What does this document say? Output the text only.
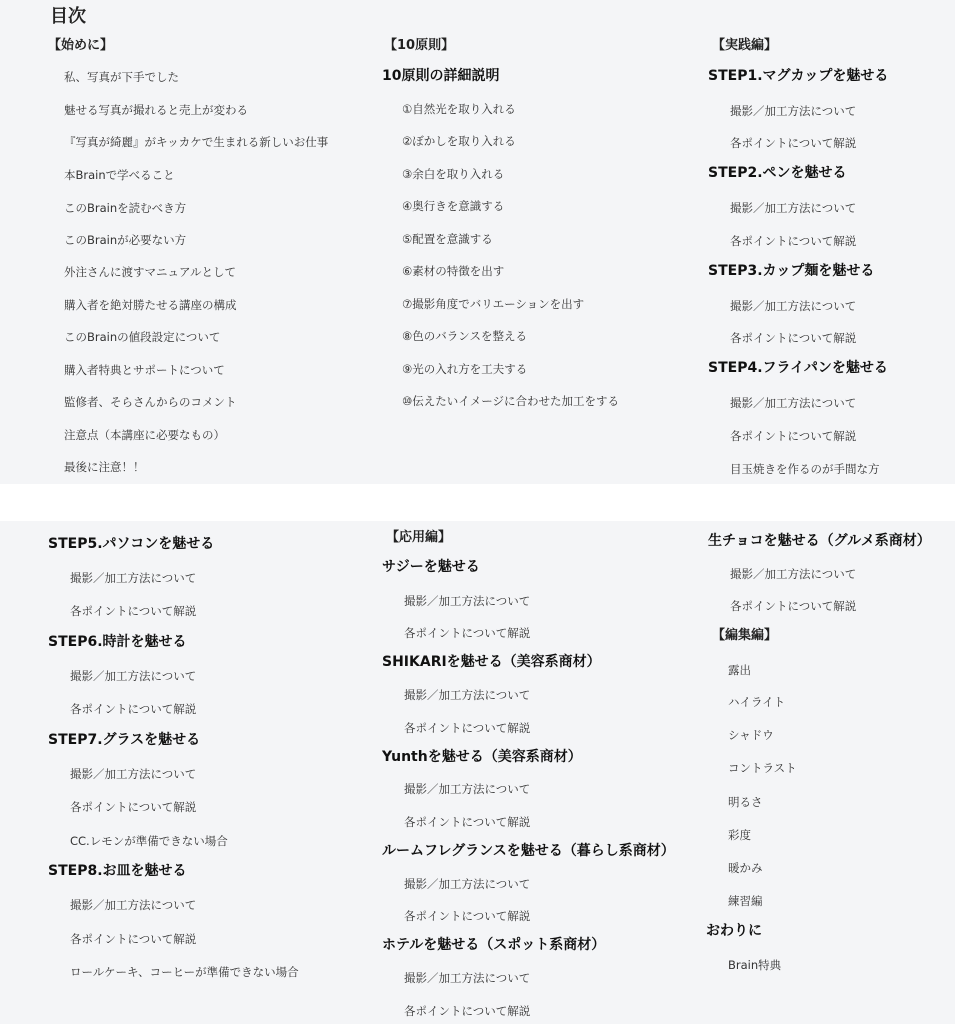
目次
【始めに】
私、写真が下手でした
魅せる写真が撮れると売上が変わる
『写真が綺麗』がキッカケで生まれる新しいお仕事
本Brainで学べること
このBrainを読むべき方
このBrainが必要ない方
外注さんに渡すマニュアルとして
購入者を絶対勝たせる講座の構成
このBrainの値段設定について
購入者特典とサポートについて
監修者、そらさんからのコメント
注意点（本講座に必要なもの）
最後に注意！！
【10原則】
10原則の詳細説明
①自然光を取り入れる
②ぼかしを取り入れる
③余白を取り入れる
④奥行きを意識する
⑤配置を意識する
⑥素材の特徴を出す
⑦撮影角度でバリエーションを出す
⑧色のバランスを整える
⑨光の入れ方を工夫する
⑩伝えたいイメージに合わせた加工をする
【実践編】
STEP1.マグカップを魅せる
撮影／加工方法について
各ポイントについて解説
STEP2.ペンを魅せる
撮影／加工方法について
各ポイントについて解説
STEP3.カップ麺を魅せる
撮影／加工方法について
各ポイントについて解説
STEP4.フライパンを魅せる
撮影／加工方法について
各ポイントについて解説
目玉焼きを作るのが手間な方
STEP5.パソコンを魅せる
撮影／加工方法について
各ポイントについて解説
STEP6.時計を魅せる
撮影／加工方法について
各ポイントについて解説
STEP7.グラスを魅せる
撮影／加工方法について
各ポイントについて解説
CC.レモンが準備できない場合
STEP8.お皿を魅せる
撮影／加工方法について
各ポイントについて解説
ロールケーキ、コーヒーが準備できない場合
【応用編】
サジーを魅せる
撮影／加工方法について
各ポイントについて解説
SHIKARIを魅せる（美容系商材）
撮影／加工方法について
各ポイントについて解説
Yunthを魅せる（美容系商材）
撮影／加工方法について
各ポイントについて解説
ルームフレグランスを魅せる（暮らし系商材）
撮影／加工方法について
各ポイントについて解説
ホテルを魅せる（スポット系商材）
撮影／加工方法について
各ポイントについて解説
生チョコを魅せる（グルメ系商材）
撮影／加工方法について
各ポイントについて解説
【編集編】
露出
ハイライト
シャドウ
コントラスト
明るさ
彩度
暖かみ
練習編
おわりに
Brain特典
